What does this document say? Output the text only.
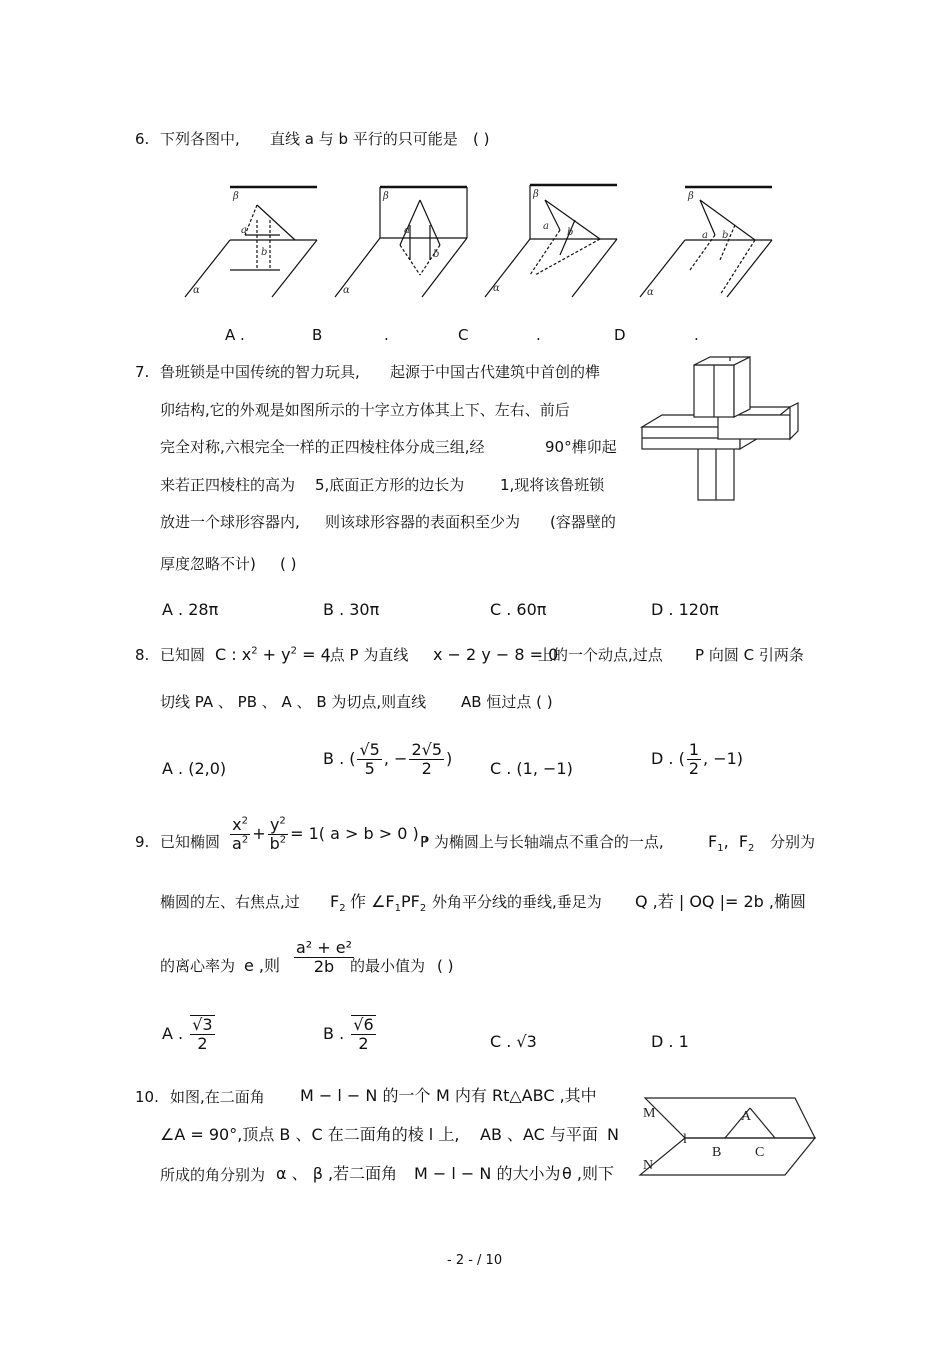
6. 下列各图中, 直线 a 与 b 平行的只可能是 ( )
β
a
b
α
β
a
b
α
β
a
b
α
β
a b
α
A .	B	.	C	.	D	.
7. 鲁班锁是中国传统的智力玩具, 起源于中国古代建筑中首创的榫
卯结构,它的外观是如图所示的十字立方体其上下、左右、前后
完全对称,六根完全一样的正四棱柱体分成三组,经	90°榫卯起
来若正四棱柱的高为 5,底面正方形的边长为 1,现将该鲁班锁
放进一个球形容器内, 则该球形容器的表面积至少为 (容器壁的
厚度忽略不计) ( )
A . 28π	B . 30π	C . 60π	D . 120π
8. 已知圆 C : $x^2 + y^2 = 4$
,点 P 为直线 x − 2 y − 8 = 0
上的一个动点,过点 P 向圆 C 引两条
切线 PA 、 PB 、 A 、 B 为切点,则直线 AB 恒过点 ( )
A . (2,0)
B . ( $\frac{√5}{5}$ , − $\frac{2√5}{2}$ )
C . (1, −1)
D . ( $\frac{1}{2}$ , −1)
9. 已知椭圆 $\frac{x^2}{a^2} + \frac{y^2}{b^2} = 1$( a > b > 0 ) ,
P 为椭圆上与长轴端点不重合的一点,	$F_1$, $F_2$ 分别为
椭圆的左、右焦点,过 $F_2$ 作 $\angle F_1PF_2$ 外角平分线的垂线,垂足为 Q ,若 | OQ |= 2b ,椭圆
的离心率为 e ,则 $\frac{\text{a² + e²}}{2b}$
的最小值为 ( )
A . $\frac{√3}{2}$	B . $\frac{√6}{2}$	C . √3	D . 1
10. 如图,在二面角 M − l − N 的一个 M 内有 Rt△ABC ,其中
∠A = 90°,顶点 B 、C 在二面角的棱 l 上, AB 、AC 与平面 N
所成的角分别为 α 、 β ,若二面角 M − l − N 的大小为 θ ,则下
M
l
N
A
B C
- 2 - / 10
